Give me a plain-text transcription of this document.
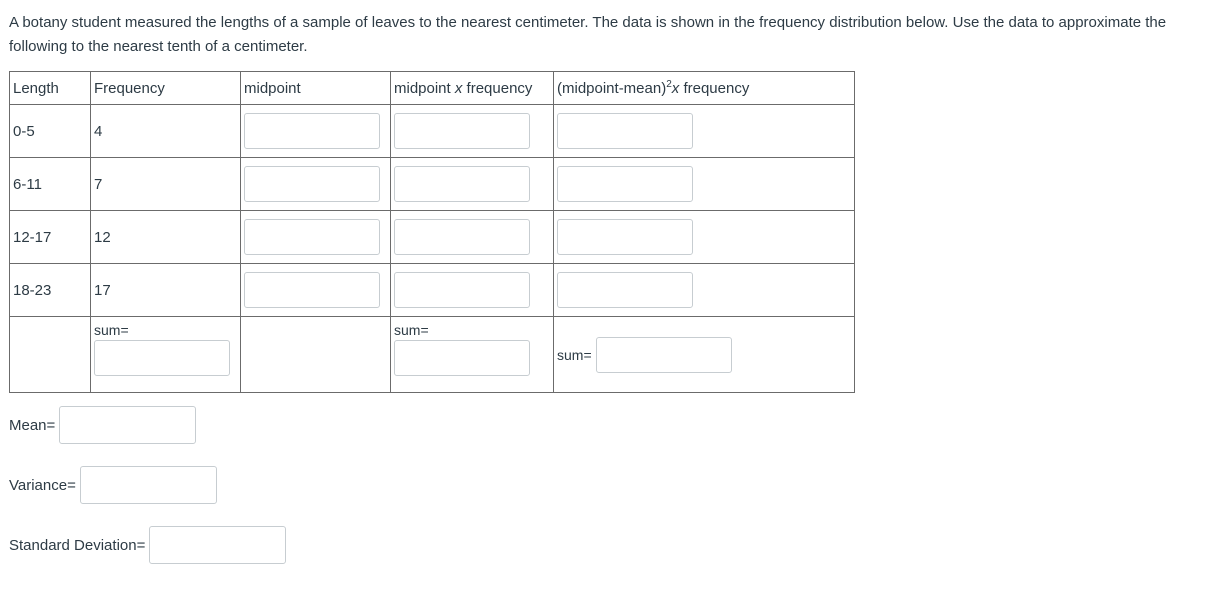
A botany student measured the lengths of a sample of leaves to the nearest centimeter. The data is shown in the frequency distribution below. Use the data to approximate the following to the nearest tenth of a centimeter.
Length	Frequency	midpoint	midpoint x frequency	(midpoint-mean)$^2$x frequency
0-5	4	

6-11	7	

12-17	12	

18-23	17	

	sum=		sum=	sum=
Mean=
Variance=
Standard Deviation=
